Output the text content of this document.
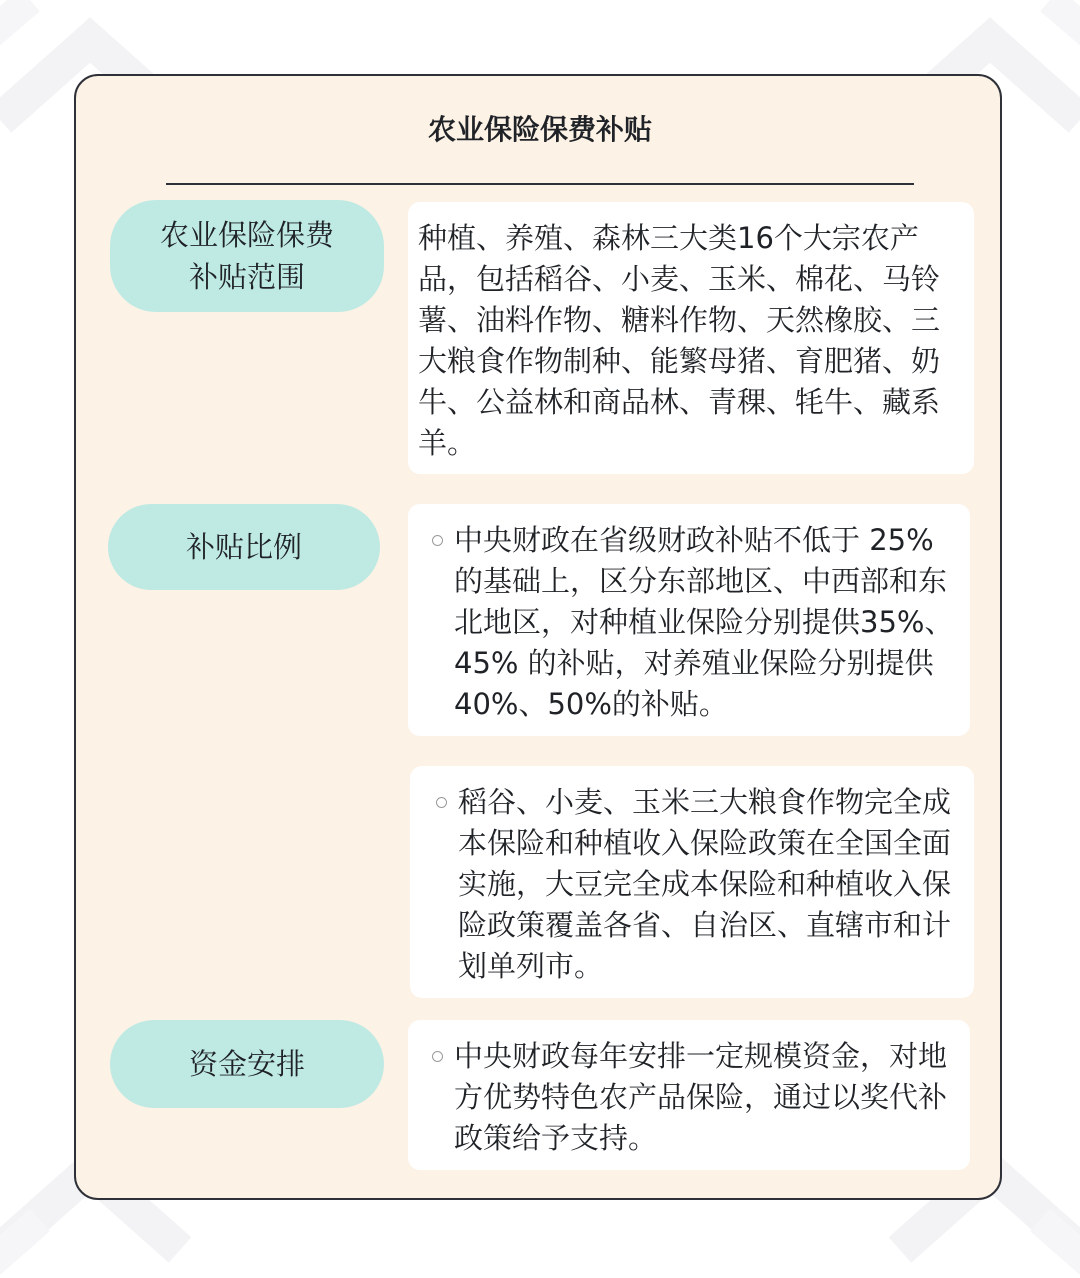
农业保险保费补贴
农业保险保费补贴范围
种植、养殖、森林三大类16个大宗农产品，包括稻谷、小麦、玉米、棉花、马铃薯、油料作物、糖料作物、天然橡胶、三大粮食作物制种、能繁母猪、育肥猪、奶牛、公益林和商品林、青稞、牦牛、藏系羊。
补贴比例	中央财政在省级财政补贴不低于 25%的基础上，区分东部地区、中西部和东北地区，对种植业保险分别提供35%、45% 的补贴，对养殖业保险分别提供 40%、50%的补贴。
稻谷、小麦、玉米三大粮食作物完全成本保险和种植收入保险政策在全国全面实施，大豆完全成本保险和种植收入保险政策覆盖各省、自治区、直辖市和计划单列市。
资金安排	中央财政每年安排一定规模资金，对地方优势特色农产品保险，通过以奖代补政策给予支持。
